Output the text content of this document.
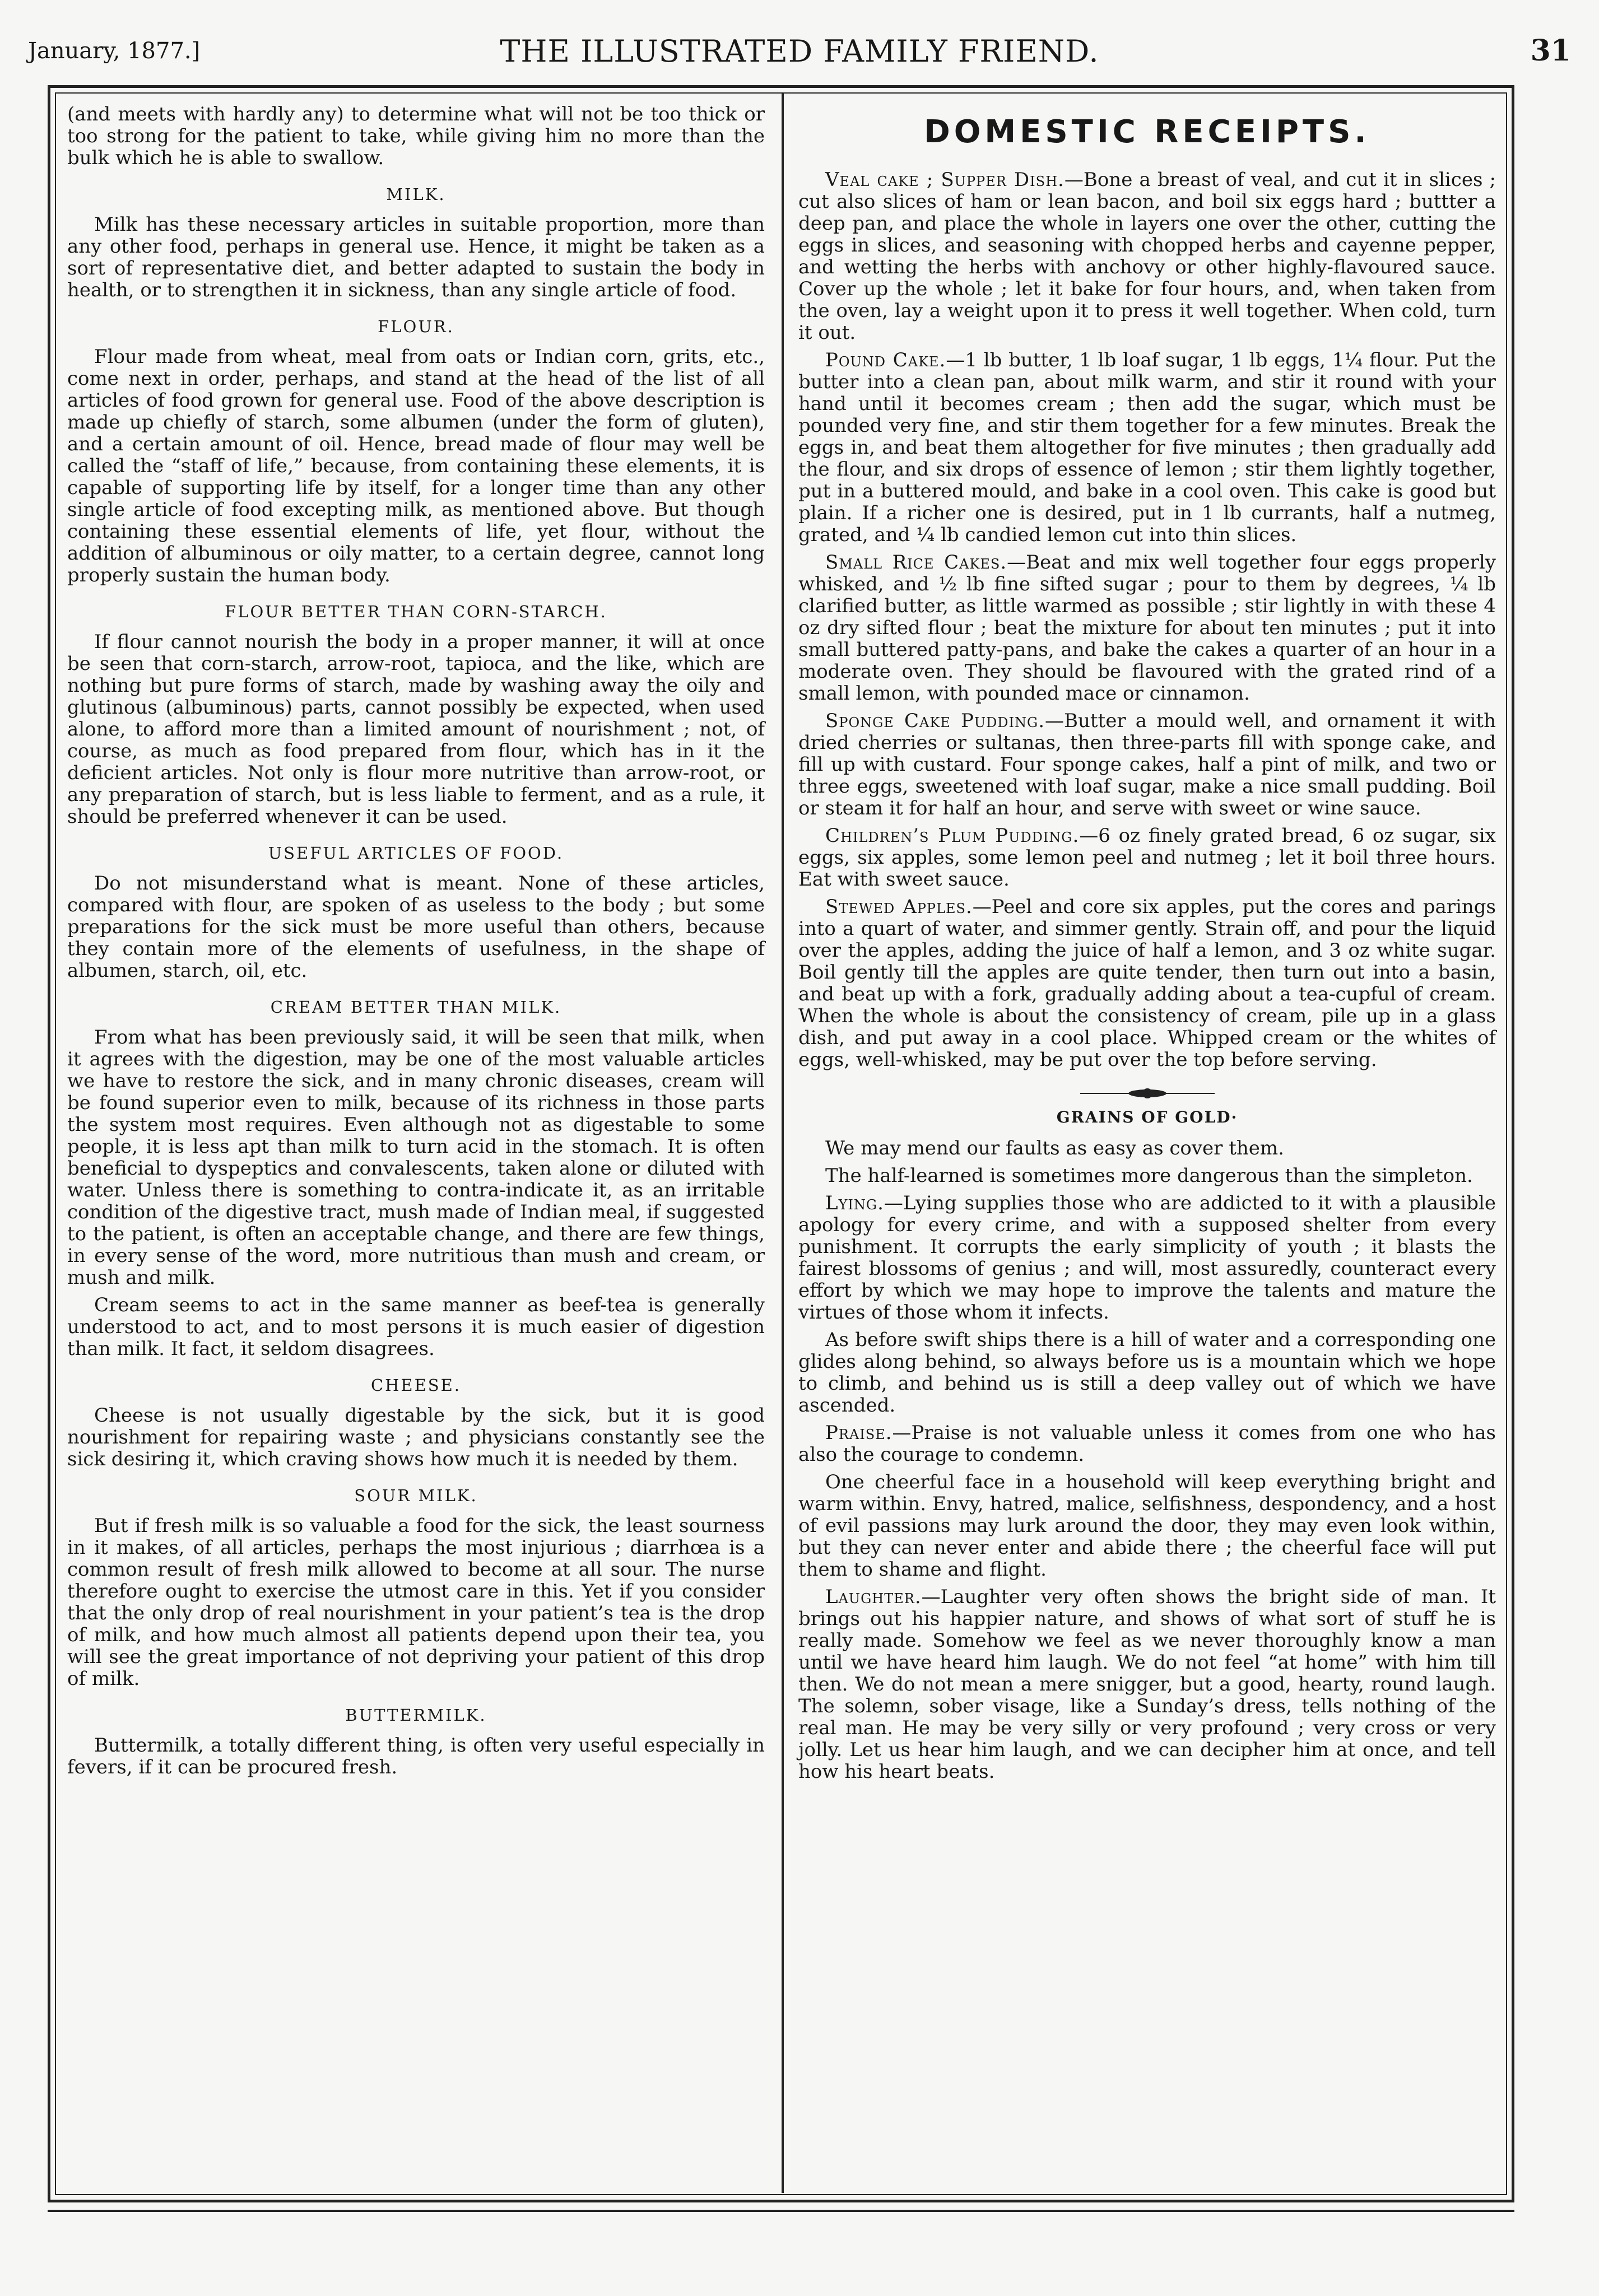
January, 1877.]	THE ILLUSTRATED FAMILY FRIEND.	31

(and meets with hardly any) to determine what will not be too thick or too strong for the patient to take, while giving him no more than the bulk which he is able to swallow.

MILK.

Milk has these necessary articles in suitable proportion, more than any other food, perhaps in general use. Hence, it might be taken as a sort of representative diet, and better adapted to sustain the body in health, or to strengthen it in sickness, than any single article of food.

FLOUR.

Flour made from wheat, meal from oats or Indian corn, grits, etc., come next in order, perhaps, and stand at the head of the list of all articles of food grown for general use. Food of the above description is made up chiefly of starch, some albumen (under the form of gluten), and a certain amount of oil. Hence, bread made of flour may well be called the “staff of life,” because, from containing these elements, it is capable of supporting life by itself, for a longer time than any other single article of food excepting milk, as mentioned above. But though containing these essential elements of life, yet flour, without the addition of albuminous or oily matter, to a certain degree, cannot long properly sustain the human body.

FLOUR BETTER THAN CORN-STARCH.

If flour cannot nourish the body in a proper manner, it will at once be seen that corn-starch, arrow-root, tapioca, and the like, which are nothing but pure forms of starch, made by washing away the oily and glutinous (albuminous) parts, cannot possibly be expected, when used alone, to afford more than a limited amount of nourishment ; not, of course, as much as food prepared from flour, which has in it the deficient articles. Not only is flour more nutritive than arrow-root, or any preparation of starch, but is less liable to ferment, and as a rule, it should be preferred whenever it can be used.

USEFUL ARTICLES OF FOOD.

Do not misunderstand what is meant. None of these articles, compared with flour, are spoken of as useless to the body ; but some preparations for the sick must be more useful than others, because they contain more of the elements of usefulness, in the shape of albumen, starch, oil, etc.

CREAM BETTER THAN MILK.

From what has been previously said, it will be seen that milk, when it agrees with the digestion, may be one of the most valuable articles we have to restore the sick, and in many chronic diseases, cream will be found superior even to milk, because of its richness in those parts the system most requires. Even although not as digestable to some people, it is less apt than milk to turn acid in the stomach. It is often beneficial to dyspeptics and convalescents, taken alone or diluted with water. Unless there is something to contra-indicate it, as an irritable condition of the digestive tract, mush made of Indian meal, if suggested to the patient, is often an acceptable change, and there are few things, in every sense of the word, more nutritious than mush and cream, or mush and milk.

Cream seems to act in the same manner as beef-tea is generally understood to act, and to most persons it is much easier of digestion than milk. It fact, it seldom disagrees.

CHEESE.

Cheese is not usually digestable by the sick, but it is good nourishment for repairing waste ; and physicians constantly see the sick desiring it, which craving shows how much it is needed by them.

SOUR MILK.

But if fresh milk is so valuable a food for the sick, the least sourness in it makes, of all articles, perhaps the most injurious ; diarrhœa is a common result of fresh milk allowed to become at all sour. The nurse therefore ought to exercise the utmost care in this. Yet if you consider that the only drop of real nourishment in your patient’s tea is the drop of milk, and how much almost all patients depend upon their tea, you will see the great importance of not depriving your patient of this drop of milk.

BUTTERMILK.

Buttermilk, a totally different thing, is often very useful especially in fevers, if it can be procured fresh.

DOMESTIC RECEIPTS.

Veal cake ; Supper Dish.—Bone a breast of veal, and cut it in slices ; cut also slices of ham or lean bacon, and boil six eggs hard ; buttter a deep pan, and place the whole in layers one over the other, cutting the eggs in slices, and seasoning with chopped herbs and cayenne pepper, and wetting the herbs with anchovy or other highly-flavoured sauce. Cover up the whole ; let it bake for four hours, and, when taken from the oven, lay a weight upon it to press it well together. When cold, turn it out.

Pound Cake.—1 lb butter, 1 lb loaf sugar, 1 lb eggs, 1¼ flour. Put the butter into a clean pan, about milk warm, and stir it round with your hand until it becomes cream ; then add the sugar, which must be pounded very fine, and stir them together for a few minutes. Break the eggs in, and beat them altogether for five minutes ; then gradually add the flour, and six drops of essence of lemon ; stir them lightly together, put in a buttered mould, and bake in a cool oven. This cake is good but plain. If a richer one is desired, put in 1 lb currants, half a nutmeg, grated, and ¼ lb candied lemon cut into thin slices.

Small Rice Cakes.—Beat and mix well together four eggs properly whisked, and ½ lb fine sifted sugar ; pour to them by degrees, ¼ lb clarified butter, as little warmed as possible ; stir lightly in with these 4 oz dry sifted flour ; beat the mixture for about ten minutes ; put it into small buttered patty-pans, and bake the cakes a quarter of an hour in a moderate oven. They should be flavoured with the grated rind of a small lemon, with pounded mace or cinnamon.

Sponge Cake Pudding.—Butter a mould well, and ornament it with dried cherries or sultanas, then three-parts fill with sponge cake, and fill up with custard. Four sponge cakes, half a pint of milk, and two or three eggs, sweetened with loaf sugar, make a nice small pudding. Boil or steam it for half an hour, and serve with sweet or wine sauce.

Children’s Plum Pudding.—6 oz finely grated bread, 6 oz sugar, six eggs, six apples, some lemon peel and nutmeg ; let it boil three hours. Eat with sweet sauce.

Stewed Apples.—Peel and core six apples, put the cores and parings into a quart of water, and simmer gently. Strain off, and pour the liquid over the apples, adding the juice of half a lemon, and 3 oz white sugar. Boil gently till the apples are quite tender, then turn out into a basin, and beat up with a fork, gradually adding about a tea-cupful of cream. When the whole is about the consistency of cream, pile up in a glass dish, and put away in a cool place. Whipped cream or the whites of eggs, well-whisked, may be put over the top before serving.

GRAINS OF GOLD·

We may mend our faults as easy as cover them.

The half-learned is sometimes more dangerous than the simpleton.

Lying.—Lying supplies those who are addicted to it with a plausible apology for every crime, and with a supposed shelter from every punishment. It corrupts the early simplicity of youth ; it blasts the fairest blossoms of genius ; and will, most assuredly, counteract every effort by which we may hope to improve the talents and mature the virtues of those whom it infects.

As before swift ships there is a hill of water and a corresponding one glides along behind, so always before us is a mountain which we hope to climb, and behind us is still a deep valley out of which we have ascended.

Praise.—Praise is not valuable unless it comes from one who has also the courage to condemn.

One cheerful face in a household will keep everything bright and warm within. Envy, hatred, malice, selfishness, despondency, and a host of evil passions may lurk around the door, they may even look within, but they can never enter and abide there ; the cheerful face will put them to shame and flight.

Laughter.—Laughter very often shows the bright side of man. It brings out his happier nature, and shows of what sort of stuff he is really made. Somehow we feel as we never thoroughly know a man until we have heard him laugh. We do not feel “at home” with him till then. We do not mean a mere snigger, but a good, hearty, round laugh. The solemn, sober visage, like a Sunday’s dress, tells nothing of the real man. He may be very silly or very profound ; very cross or very jolly. Let us hear him laugh, and we can decipher him at once, and tell how his heart beats.
